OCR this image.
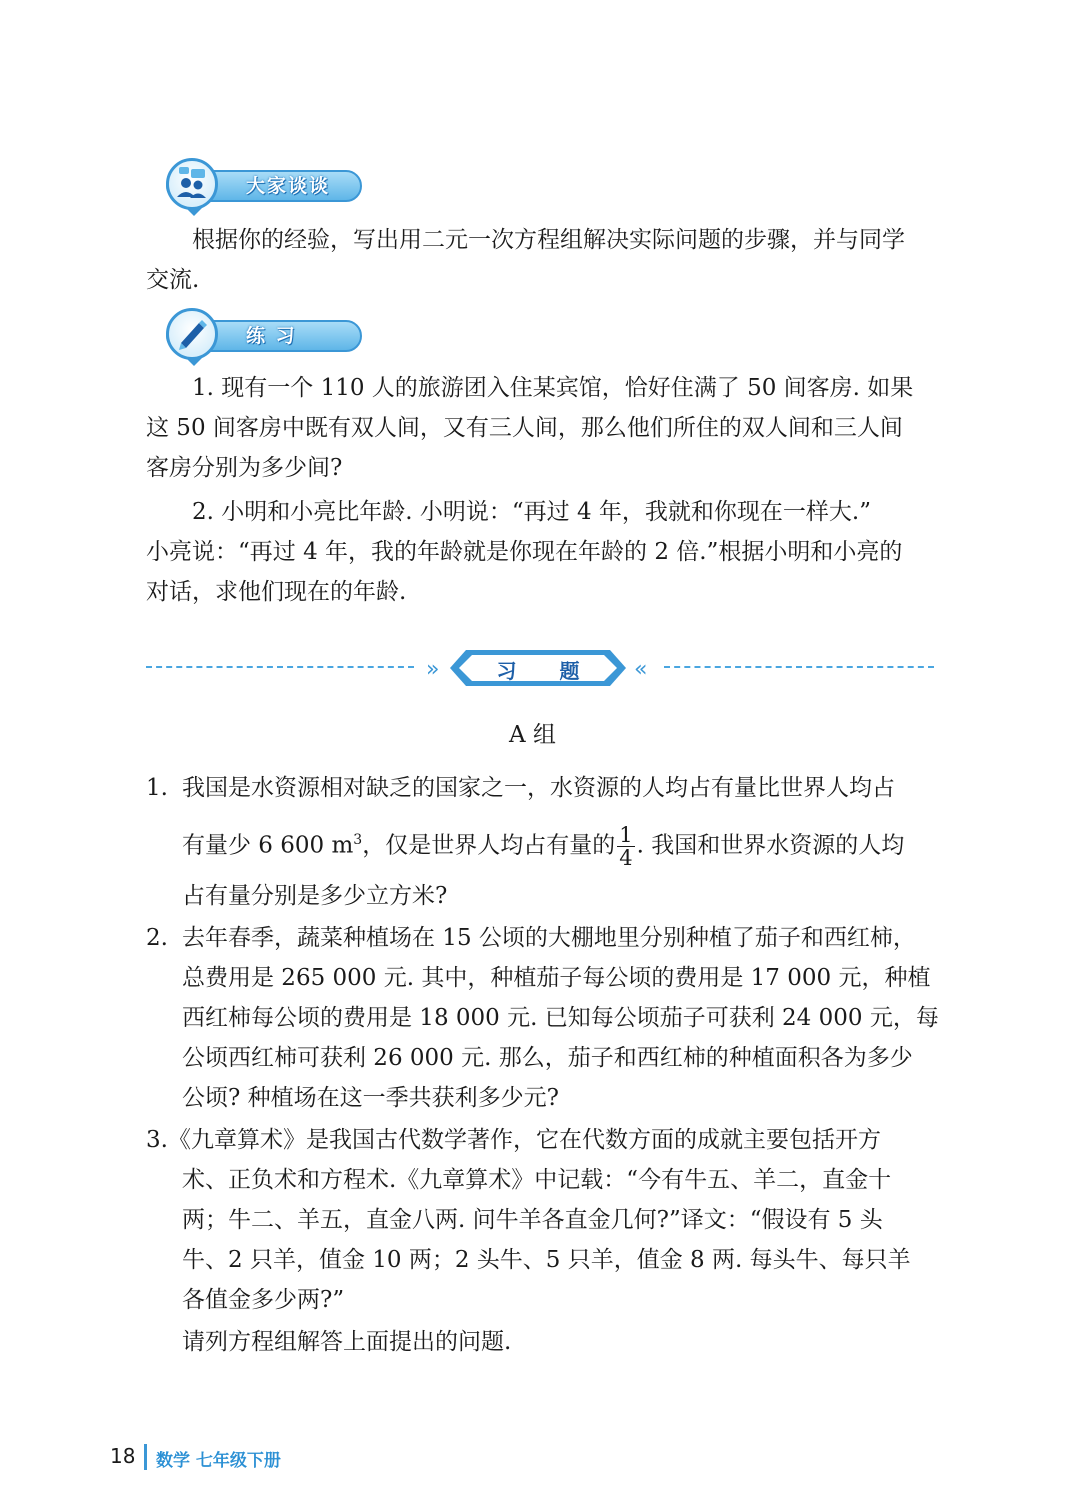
大家谈谈

根据你的经验，写出用二元一次方程组解决实际问题的步骤，并与同学
交流.

练 习

1. 现有一个 110 人的旅游团入住某宾馆，恰好住满了 50 间客房. 如果
这 50 间客房中既有双人间，又有三人间，那么他们所住的双人间和三人间
客房分别为多少间?

2. 小明和小亮比年龄. 小明说：“再过 4 年，我就和你现在一样大.”
小亮说：“再过 4 年，我的年龄就是你现在年龄的 2 倍.”根据小明和小亮的
对话，求他们现在的年龄.

»	«
习 题
A 组
1. 我国是水资源相对缺乏的国家之一，水资源的人均占有量比世界人均占
有量少 6 600 $m^3$，仅是世界人均占有量的 $\frac{1}{4}$ . 我国和世界水资源的人均
占有量分别是多少立方米?
2. 去年春季，蔬菜种植场在 15 公顷的大棚地里分别种植了茄子和西红柿，
总费用是 265 000 元. 其中，种植茄子每公顷的费用是 17 000 元，种植
西红柿每公顷的费用是 18 000 元. 已知每公顷茄子可获利 24 000 元，每
公顷西红柿可获利 26 000 元. 那么，茄子和西红柿的种植面积各为多少
公顷? 种植场在这一季共获利多少元?
3. 《九章算术》是我国古代数学著作，它在代数方面的成就主要包括开方
术、正负术和方程术.《九章算术》中记载：“今有牛五、羊二，直金十
两；牛二、羊五，直金八两. 问牛羊各直金几何?”译文：“假设有 5 头
牛、2 只羊，值金 10 两；2 头牛、5 只羊，值金 8 两. 每头牛、每只羊
各值金多少两?”
请列方程组解答上面提出的问题.
18 数学 七年级下册
